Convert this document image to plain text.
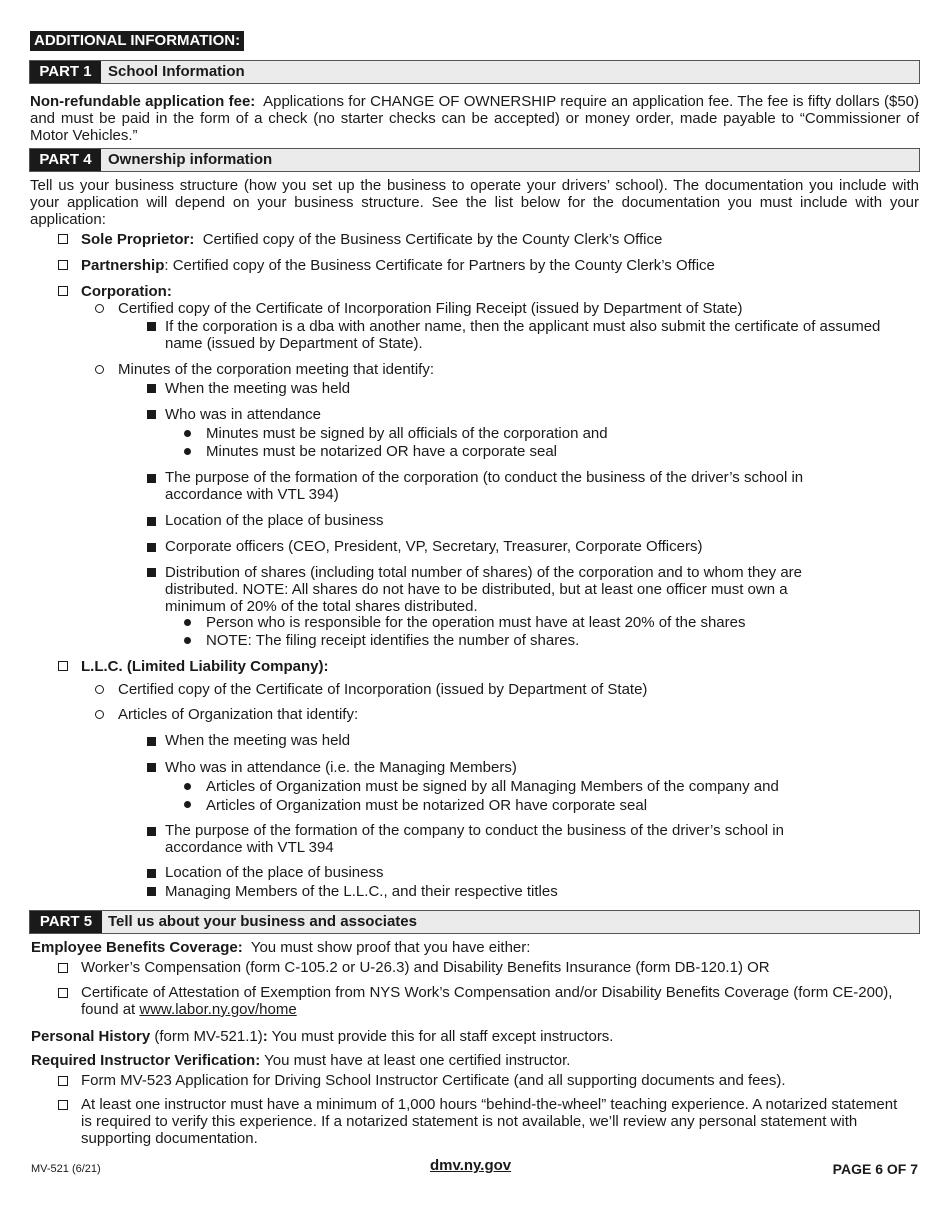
ADDITIONAL INFORMATION:
PART 1	School Information
Non-refundable application fee: Applications for CHANGE OF OWNERSHIP require an application fee. The fee is fifty dollars ($50) and must be paid in the form of a check (no starter checks can be accepted) or money order, made payable to “Commissioner of Motor Vehicles.”
PART 4	Ownership information
Tell us your business structure (how you set up the business to operate your drivers’ school). The documentation you include with your application will depend on your business structure. See the list below for the documentation you must include with your application:
Sole Proprietor: Certified copy of the Business Certificate by the County Clerk’s Office
Partnership: Certified copy of the Business Certificate for Partners by the County Clerk’s Office
Corporation:
Certified copy of the Certificate of Incorporation Filing Receipt (issued by Department of State)
If the corporation is a dba with another name, then the applicant must also submit the certificate of assumed name (issued by Department of State).
Minutes of the corporation meeting that identify:
When the meeting was held
Who was in attendance
Minutes must be signed by all officials of the corporation and
Minutes must be notarized OR have a corporate seal
The purpose of the formation of the corporation (to conduct the business of the driver’s school in accordance with VTL 394)
Location of the place of business
Corporate officers (CEO, President, VP, Secretary, Treasurer, Corporate Officers)
Distribution of shares (including total number of shares) of the corporation and to whom they are distributed. NOTE: All shares do not have to be distributed, but at least one officer must own a minimum of 20% of the total shares distributed.
Person who is responsible for the operation must have at least 20% of the shares
NOTE: The filing receipt identifies the number of shares.
L.L.C. (Limited Liability Company):
Certified copy of the Certificate of Incorporation (issued by Department of State)
Articles of Organization that identify:
When the meeting was held
Who was in attendance (i.e. the Managing Members)
Articles of Organization must be signed by all Managing Members of the company and
Articles of Organization must be notarized OR have corporate seal
The purpose of the formation of the company to conduct the business of the driver’s school in accordance with VTL 394
Location of the place of business
Managing Members of the L.L.C., and their respective titles
PART 5	Tell us about your business and associates
Employee Benefits Coverage:  You must show proof that you have either:
Worker’s Compensation (form C-105.2 or U-26.3) and Disability Benefits Insurance (form DB-120.1) OR
Certificate of Attestation of Exemption from NYS Work’s Compensation and/or Disability Benefits Coverage (form CE-200), found at www.labor.ny.gov/home
Personal History (form MV-521.1): You must provide this for all staff except instructors.
Required Instructor Verification: You must have at least one certified instructor.
Form MV-523 Application for Driving School Instructor Certificate (and all supporting documents and fees).
At least one instructor must have a minimum of 1,000 hours “behind-the-wheel” teaching experience. A notarized statement is required to verify this experience. If a notarized statement is not available, we’ll review any personal statement with supporting documentation.
MV-521 (6/21)	dmv.ny.gov	PAGE 6 OF 7
